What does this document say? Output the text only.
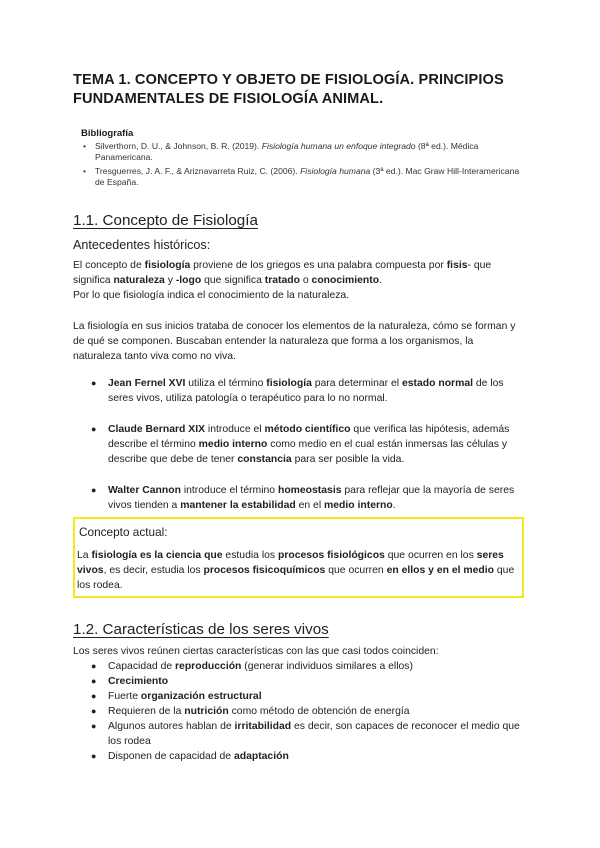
TEMA 1. CONCEPTO Y OBJETO DE FISIOLOGÍA. PRINCIPIOS FUNDAMENTALES DE FISIOLOGÍA ANIMAL.
Bibliografía
• Silverthorn, D. U., & Johnson, B. R. (2019). Fisiología humana un enfoque integrado (8ª ed.). Médica Panamericana.
• Tresguerres, J. A. F., & Ariznavarreta Ruiz, C. (2006). Fisiología humana (3ª ed.). Mac Graw Hill-Interamericana de España.
1.1. Concepto de Fisiología
Antecedentes históricos:
El concepto de fisiología proviene de los griegos es una palabra compuesta por fisis- que significa naturaleza y -logo que significa tratado o conocimiento.
Por lo que fisiología indica el conocimiento de la naturaleza.
La fisiología en sus inicios trataba de conocer los elementos de la naturaleza, cómo se forman y de qué se componen. Buscaban entender la naturaleza que forma a los organismos, la naturaleza tanto viva como no viva.
● Jean Fernel XVI utiliza el término fisiología para determinar el estado normal de los seres vivos, utiliza patología o terapéutico para lo no normal.
● Claude Bernard XIX introduce el método científico que verifica las hipótesis, además describe el término medio interno como medio en el cual están inmersas las células y describe que debe de tener constancia para ser posible la vida.
● Walter Cannon introduce el término homeostasis para reflejar que la mayoría de seres vivos tienden a mantener la estabilidad en el medio interno.
Concepto actual:
La fisiología es la ciencia que estudia los procesos fisiológicos que ocurren en los seres vivos, es decir, estudia los procesos fisicoquímicos que ocurren en ellos y en el medio que los rodea.
1.2. Características de los seres vivos
Los seres vivos reúnen ciertas características con las que casi todos coinciden:
● Capacidad de reproducción (generar individuos similares a ellos)
● Crecimiento
● Fuerte organización estructural
● Requieren de la nutrición como método de obtención de energía
● Algunos autores hablan de irritabilidad es decir, son capaces de reconocer el medio que los rodea
● Disponen de capacidad de adaptación
